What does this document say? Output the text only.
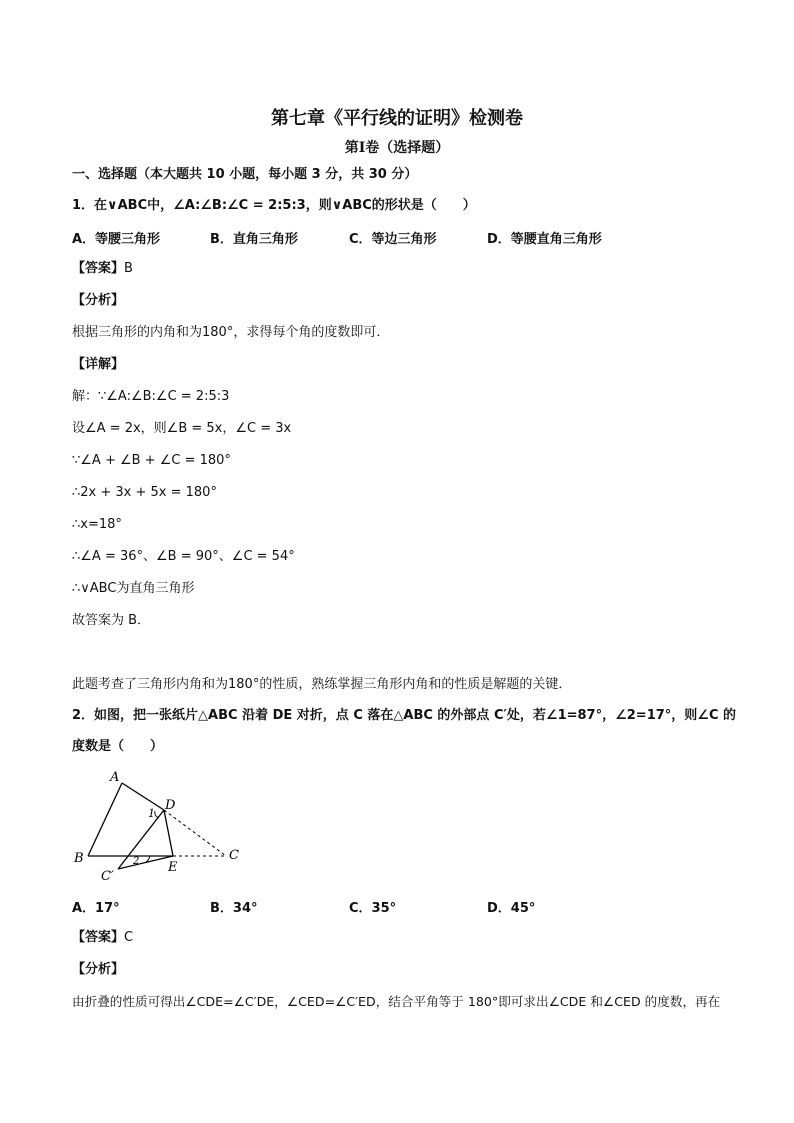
第七章《平行线的证明》检测卷
第Ⅰ卷（选择题）
一、选择题（本大题共 10 小题，每小题 3 分，共 30 分）
1．在∨ABC中，∠A:∠B:∠C = 2:5:3，则∨ABC的形状是（　　）
A．等腰三角形	B．直角三角形	C．等边三角形	D．等腰直角三角形
【答案】B
【分析】
根据三角形的内角和为180°，求得每个角的度数即可．
【详解】
解：∵∠A:∠B:∠C = 2:5:3
设∠A = 2x，则∠B = 5x，∠C = 3x
∵∠A + ∠B + ∠C = 180°
∴2x + 3x + 5x = 180°
∴x=18°
∴∠A = 36°、∠B = 90°、∠C = 54°
∴∨ABC为直角三角形
故答案为 B．
此题考查了三角形内角和为180°的性质，熟练掌握三角形内角和的性质是解题的关键．
2．如图，把一张纸片△ABC 沿着 DE 对折，点 C 落在△ABC 的外部点 C′处，若∠1=87°，∠2=17°，则∠C 的
度数是（　　）
A
B	C
D
E
C′
1
2
A．17°	B．34°	C．35°	D．45°
【答案】C
【分析】
由折叠的性质可得出∠CDE=∠C′DE，∠CED=∠C′ED，结合平角等于 180°即可求出∠CDE 和∠CED 的度数，再在
